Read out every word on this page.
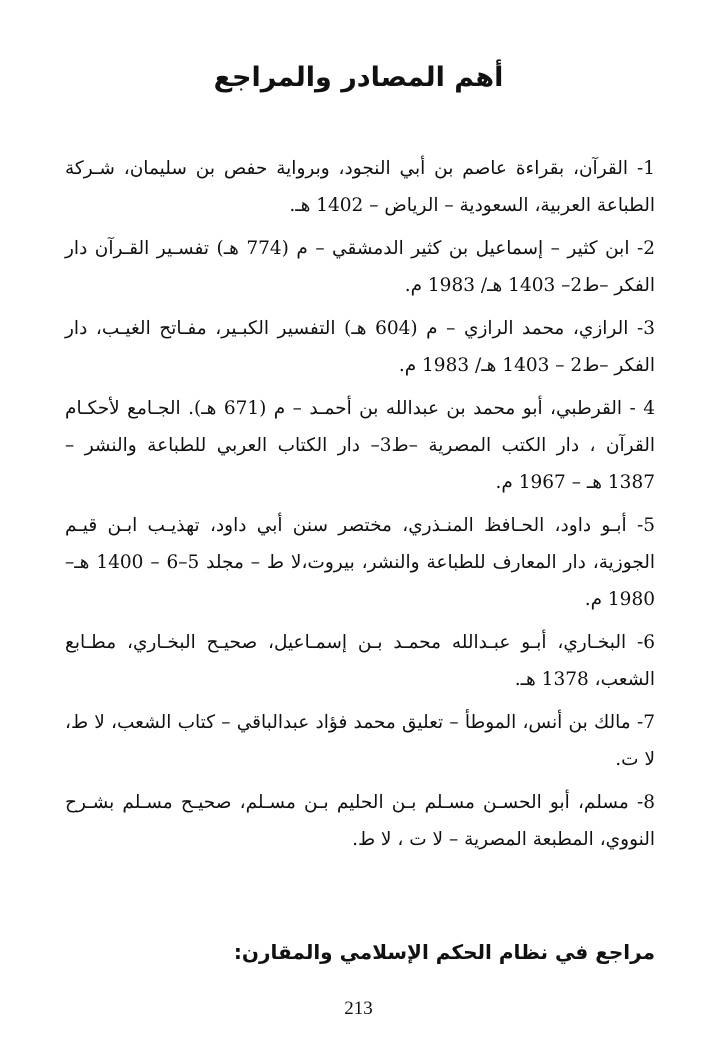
أهم المصادر والمراجع

1- القرآن، بقراءة عاصم بن أبي النجود، وبرواية حفص بن سليمان، شـركة الطباعة العربية، السعودية – الرياض – 1402 هـ.

2- ابن كثير – إسماعيل بن كثير الدمشقي – م (774 هـ) تفسـير القـرآن دار الفكر –ط2– 1403 هـ/ 1983 م.

3- الرازي، محمد الرازي – م (604 هـ) التفسير الكبـير، مفـاتح الغيـب، دار الفكر –ط2 – 1403 هـ/ 1983 م.

4 - القرطبي، أبو محمد بن عبدالله بن أحمـد – م (671 هـ). الجـامع لأحكـام القرآن ، دار الكتب المصرية –ط3– دار الكتاب العربي للطباعة والنشر – 1387 هـ – 1967 م.

5- أبـو داود، الحـافظ المنـذري، مختصر سنن أبي داود، تهذيـب ابـن قيـم الجوزية، دار المعارف للطباعة والنشر، بيروت،لا ط – مجلد 5–6 – 1400 هـ– 1980 م.

6- البخـاري، أبـو عبـدالله محمـد بـن إسمـاعيل، صحيـح البخـاري، مطـابع الشعب، 1378 هـ.

7- مالك بن أنس، الموطأ – تعليق محمد فؤاد عبدالباقي – كتاب الشعب، لا ط، لا ت.

8- مسلم، أبو الحسـن مسـلم بـن الحليم بـن مسـلم، صحيـح مسـلم بشـرح النووي، المطبعة المصرية – لا ت ، لا ط.

مراجع في نظام الحكم الإسلامي والمقارن:
213
